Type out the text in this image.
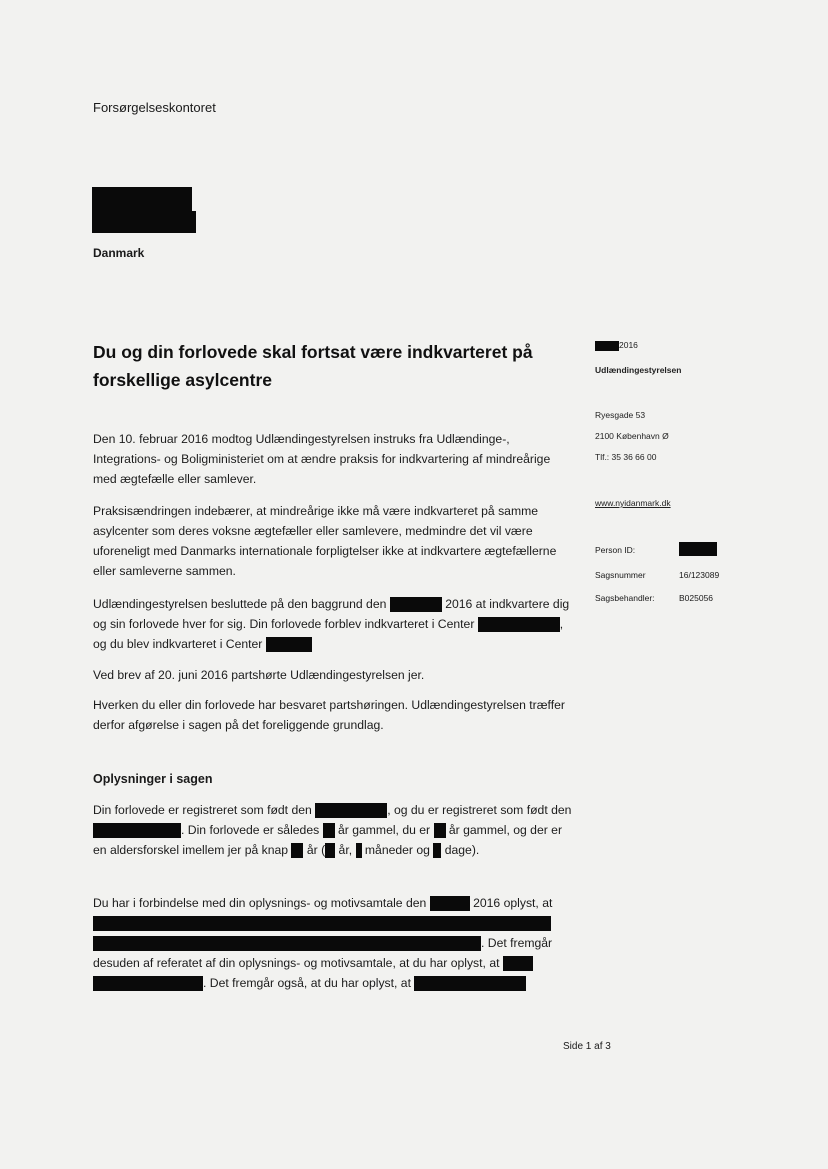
Forsørgelseskontoret
Danmark
Du og din forlovede skal fortsat være indkvarteret på forskellige asylcentre
Den 10. februar 2016 modtog Udlændingestyrelsen instruks fra Udlændinge-, Integrations- og Boligministeriet om at ændre praksis for indkvartering af mindreårige med ægtefælle eller samlever.
Praksisændringen indebærer, at mindreårige ikke må være indkvarteret på samme asylcenter som deres voksne ægtefæller eller samlevere, medmindre det vil være uforeneligt med Danmarks internationale forpligtelser ikke at indkvartere ægtefællerne eller samleverne sammen.
Udlændingestyrelsen besluttede på den baggrund den	2016 at indkvartere dig og sin forlovede hver for sig. Din forlovede forblev indkvarteret i Center	, og du blev indkvarteret i Center
Ved brev af 20. juni 2016 partshørte Udlændingestyrelsen jer.
Hverken du eller din forlovede har besvaret partshøringen. Udlændingestyrelsen træffer derfor afgørelse i sagen på det foreliggende grundlag.
Oplysninger i sagen
Din forlovede er registreret som født den	, og du er registreret som født den . Din forlovede er således år gammel, du er år gammel, og der er en aldersforskel imellem jer på knap år ( år, måneder og dage).
Du har i forbindelse med din oplysnings- og motivsamtale den	2016 oplyst, at  . Det fremgår desuden af referatet af din oplysnings- og motivsamtale, at du har oplyst, at  . Det fremgår også, at du har oplyst, at
2016
Udlændingestyrelsen
Ryesgade 53
2100 København Ø
Tlf.: 35 36 66 00
www.nyidanmark.dk
Person ID:
Sagsnummer	16/123089
Sagsbehandler:	B025056
Side 1 af 3
